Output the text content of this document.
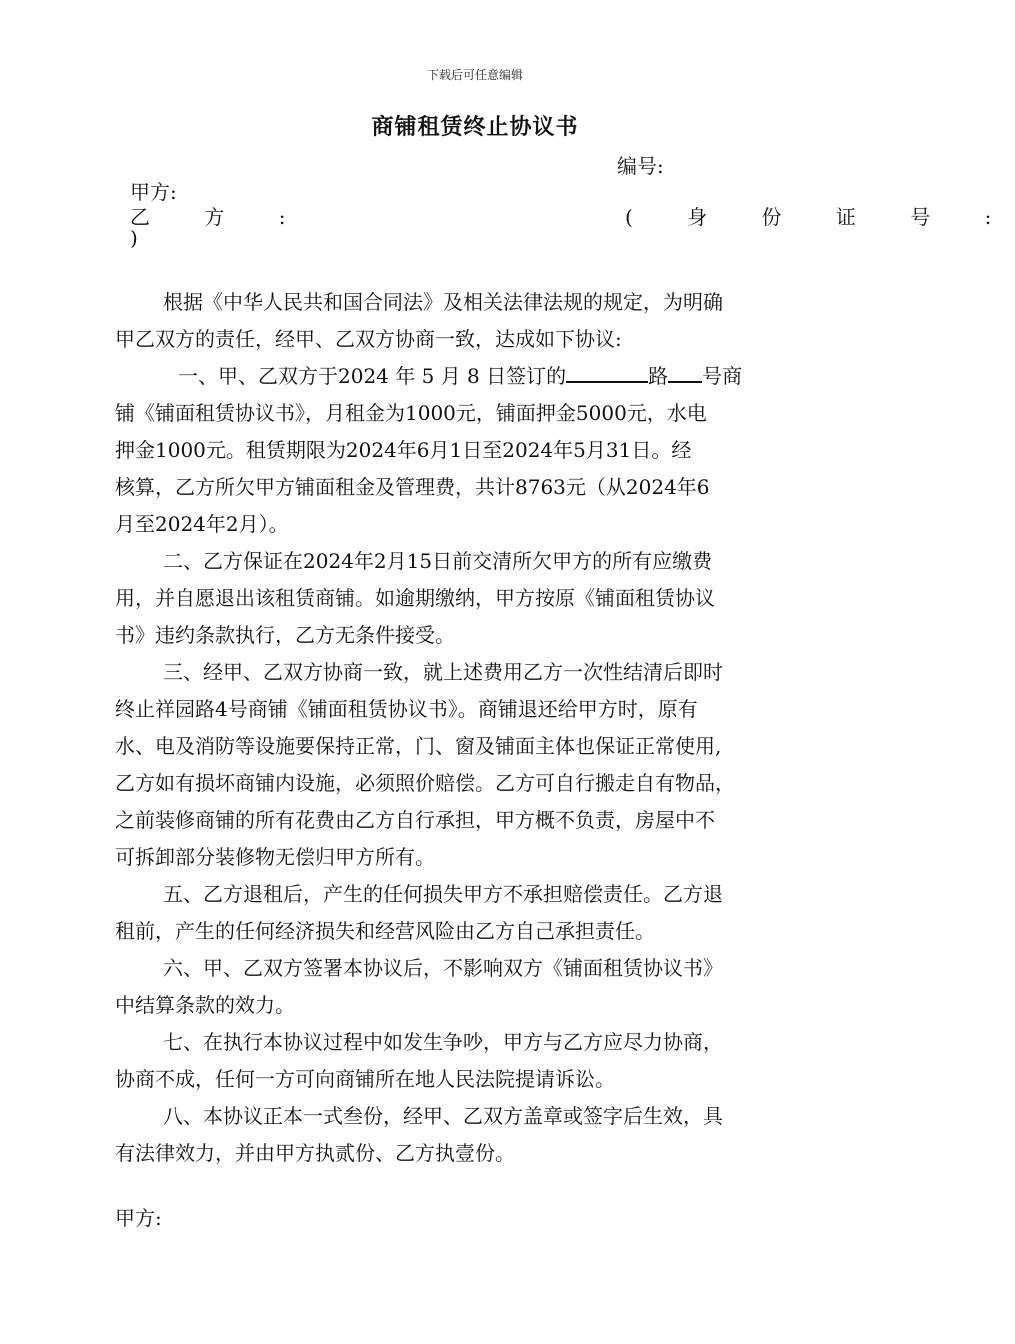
下载后可任意编辑
商铺租赁终止协议书
编号:
甲方:
乙 方 :	( 身 份 证 号 :
)
根据《中华人民共和国合同法》及相关法律法规的规定，为明确
甲乙双方的责任，经甲、乙双方协商一致，达成如下协议:
一、甲、乙双方于2024 年 5 月 8 日签订的	路 号商
铺《铺面租赁协议书》，月租金为1000元，铺面押金5000元，水电
押金1000元。租赁期限为2024年6月1日至2024年5月31日。经
核算，乙方所欠甲方铺面租金及管理费，共计8763元（从2024年6
月至2024年2月）。
二、乙方保证在2024年2月15日前交清所欠甲方的所有应缴费
用，并自愿退出该租赁商铺。如逾期缴纳，甲方按原《铺面租赁协议
书》违约条款执行，乙方无条件接受。
三、经甲、乙双方协商一致，就上述费用乙方一次性结清后即时
终止祥园路4号商铺《铺面租赁协议书》。商铺退还给甲方时，原有
水、电及消防等设施要保持正常，门、窗及铺面主体也保证正常使用,
乙方如有损坏商铺内设施，必须照价赔偿。乙方可自行搬走自有物品，
之前装修商铺的所有花费由乙方自行承担，甲方概不负责，房屋中不
可拆卸部分装修物无偿归甲方所有。
五、乙方退租后，产生的任何损失甲方不承担赔偿责任。乙方退
租前，产生的任何经济损失和经营风险由乙方自己承担责任。
六、甲、乙双方签署本协议后，不影响双方《铺面租赁协议书》
中结算条款的效力。
七、在执行本协议过程中如发生争吵，甲方与乙方应尽力协商，
协商不成，任何一方可向商铺所在地人民法院提请诉讼。
八、本协议正本一式叁份，经甲、乙双方盖章或签字后生效，具
有法律效力，并由甲方执贰份、乙方执壹份。
甲方:
